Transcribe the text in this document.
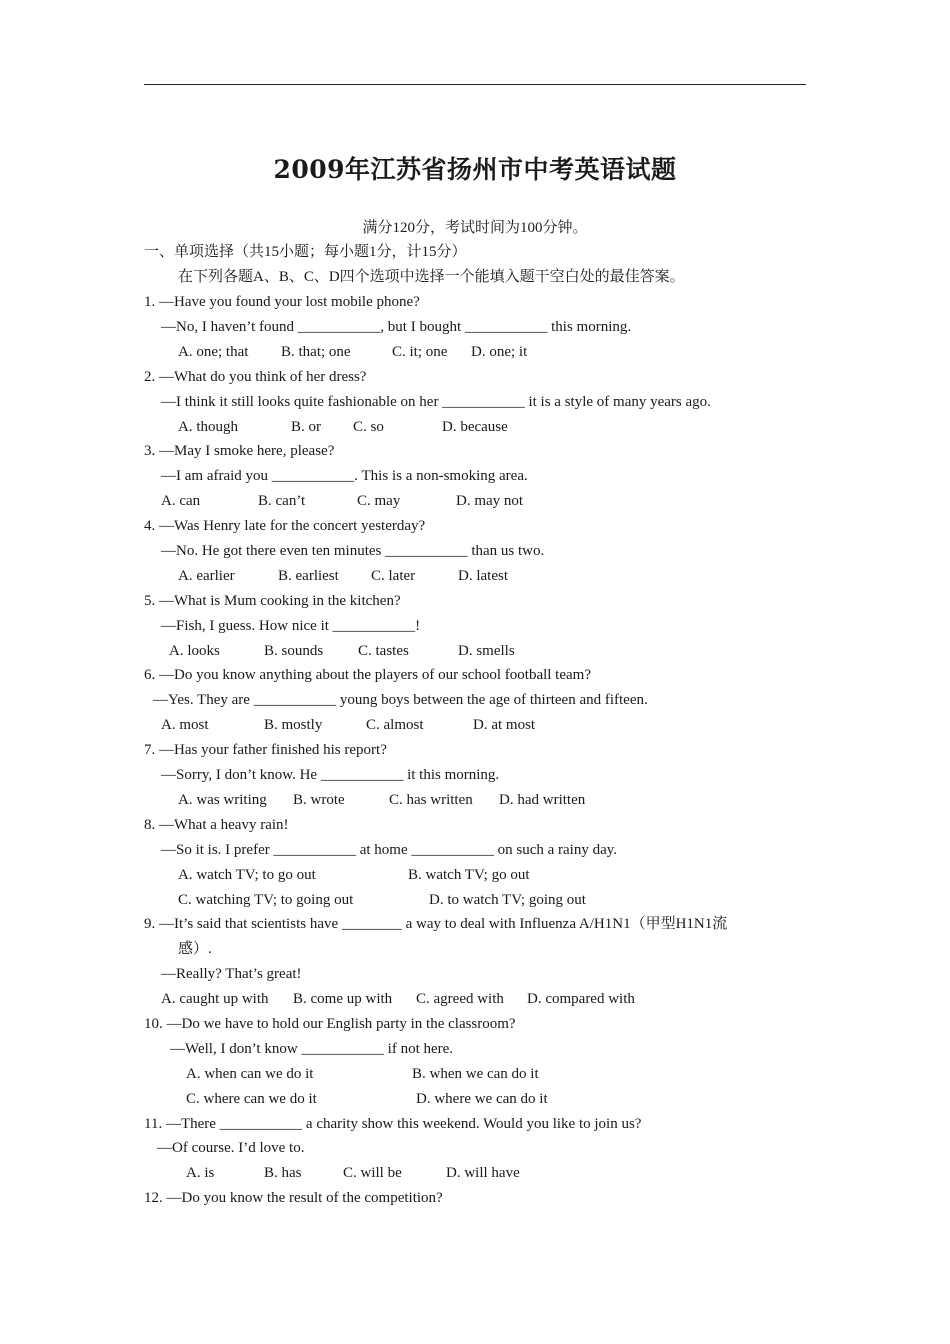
2009年江苏省扬州市中考英语试题
满分120分，考试时间为100分钟。
一、单项选择（共15小题；每小题1分，计15分）
在下列各题A、B、C、D四个选项中选择一个能填入题干空白处的最佳答案。
1. —Have you found your lost mobile phone?
—No, I haven’t found ___________, but I bought ___________ this morning.
A. one; that B. that; one	C. it; one D. one; it
2. —What do you think of her dress?
—I think it still looks quite fashionable on her ___________ it is a style of many years ago.
A. though	B. or C. so	D. because
3. —May I smoke here, please?
—I am afraid you ___________. This is a non-smoking area.
A. can	B. can’t	C. may	D. may not
4. —Was Henry late for the concert yesterday?
—No. He got there even ten minutes ___________ than us two.
A. earlier	B. earliest C. later	D. latest
5. —What is Mum cooking in the kitchen?
—Fish, I guess. How nice it ___________!
A. looks	B. sounds C. tastes	D. smells
6. —Do you know anything about the players of our school football team?
—Yes. They are ___________ young boys between the age of thirteen and fifteen.
A. most	B. mostly	C. almost	D. at most
7. —Has your father finished his report?
—Sorry, I don’t know. He ___________ it this morning.
A. was writing B. wrote	C. has written D. had written
8. —What a heavy rain!
—So it is. I prefer ___________ at home ___________ on such a rainy day.
A. watch TV; to go out	B. watch TV; go out
C. watching TV; to going out	D. to watch TV; going out
9. —It’s said that scientists have ________ a way to deal with Influenza A/H1N1（甲型H1N1流
感）.
—Really? That’s great!
A. caught up with B. come up with C. agreed with D. compared with
10. —Do we have to hold our English party in the classroom?
—Well, I don’t know ___________ if not here.
A. when can we do it	B. when we can do it
C. where can we do it	D. where we can do it
11. —There ___________ a charity show this weekend. Would you like to join us?
—Of course. I’d love to.
A. is	B. has	C. will be	D. will have
12. —Do you know the result of the competition?
